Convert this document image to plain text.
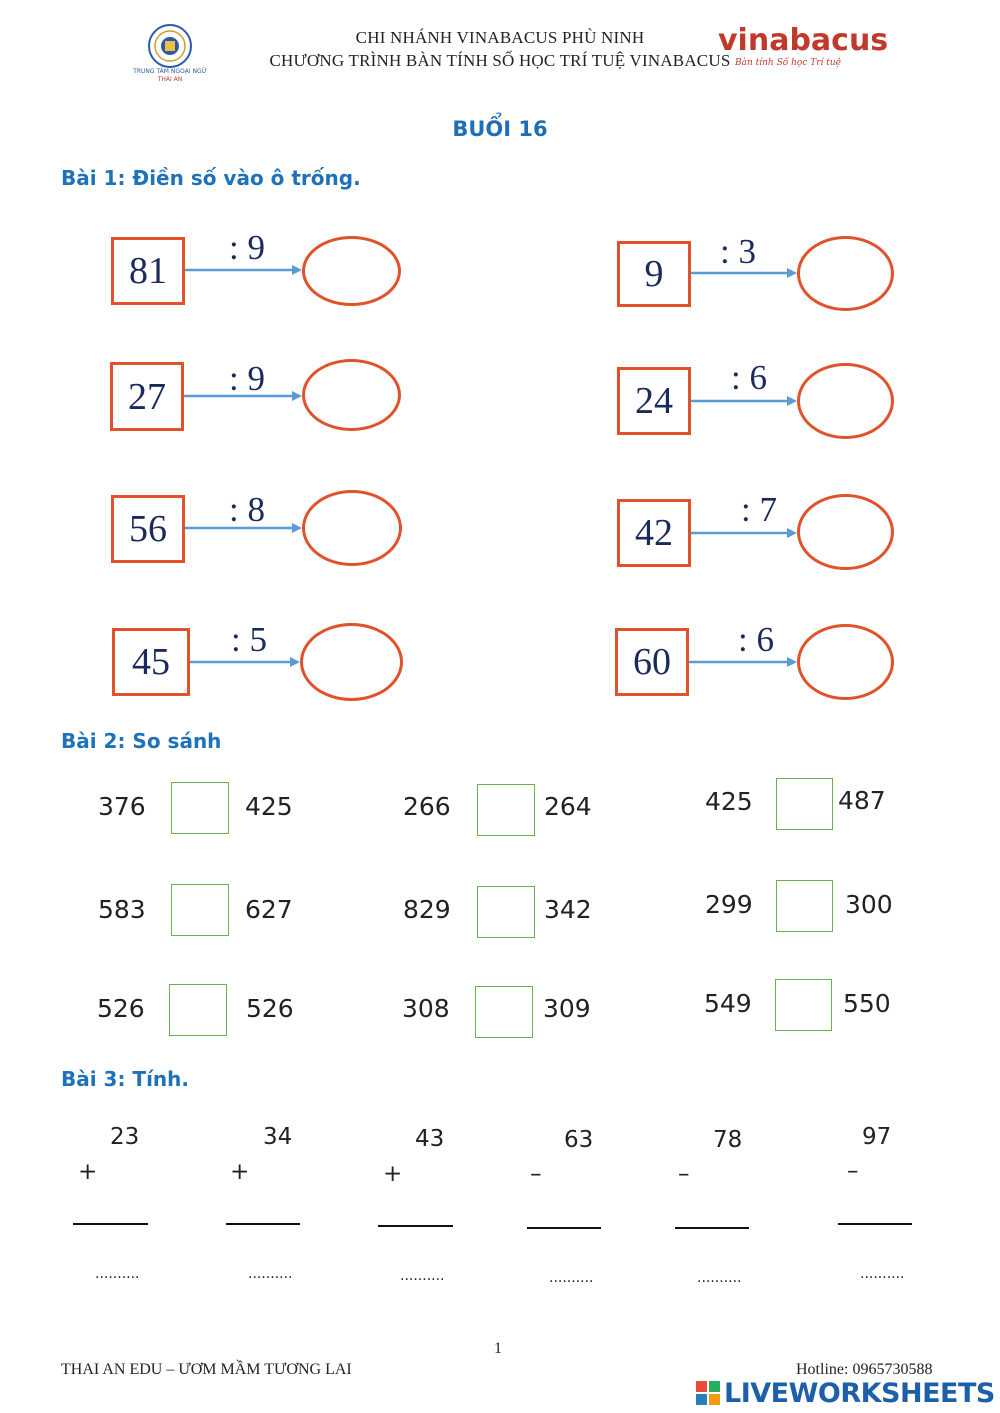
TRUNG TÂM NGOẠI NGỮ
THÁI AN
CHI NHÁNH VINABACUS PHÙ NINH
CHƯƠNG TRÌNH BÀN TÍNH SỐ HỌC TRÍ TUỆ VINABACUS
vinabacus
Bàn tính Số học Trí tuệ
BUỔI 16
Bài 1: Điền số vào ô trống.
81
: 9
9
: 3
27	: 9
24
: 6
56	: 8
42
: 7
45
: 5
60
: 6
Bài 2: So sánh
376	425	266	264	425	487
583	627	829	342	299	300
526	526	308	309	549	550
Bài 3: Tính.
23
+
..........
34
+
..........
43
+
..........
63
–
..........
78
–
..........
97
–
..........
1
THAI AN EDU – ƯƠM MẦM TƯƠNG LAI	Hotline: 0965730588
LIVEWORKSHEETS
